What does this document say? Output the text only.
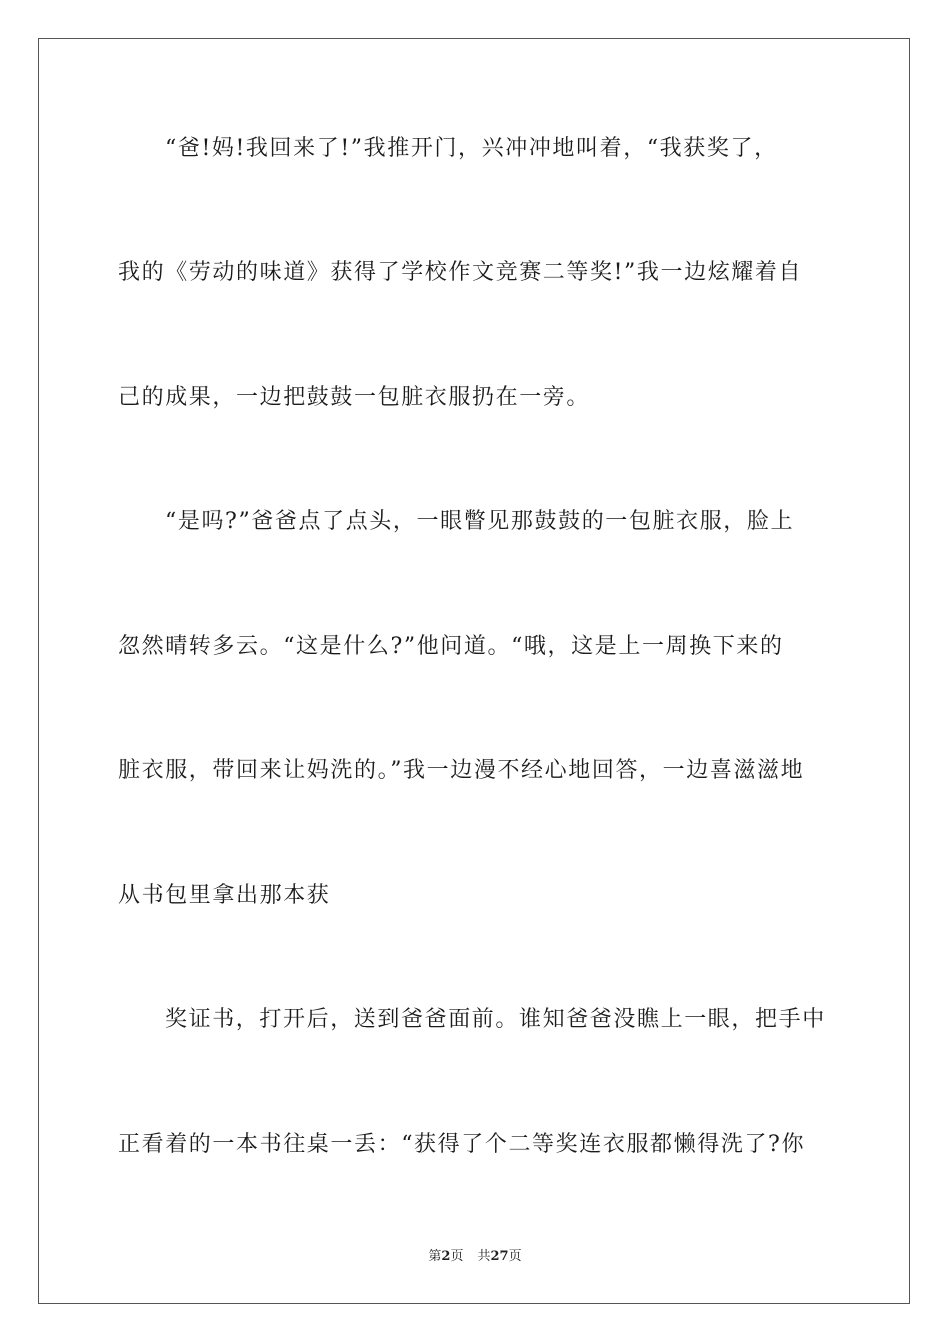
“爸!妈!我回来了!”我推开门，兴冲冲地叫着，“我获奖了，
我的《劳动的味道》获得了学校作文竞赛二等奖!”我一边炫耀着自
己的成果，一边把鼓鼓一包脏衣服扔在一旁。
“是吗?”爸爸点了点头，一眼瞥见那鼓鼓的一包脏衣服，脸上
忽然晴转多云。“这是什么?”他问道。“哦，这是上一周换下来的
脏衣服，带回来让妈洗的。”我一边漫不经心地回答，一边喜滋滋地
从书包里拿出那本获
奖证书，打开后，送到爸爸面前。谁知爸爸没瞧上一眼，把手中
正看着的一本书往桌一丢：“获得了个二等奖连衣服都懒得洗了?你
第2页 共27页
